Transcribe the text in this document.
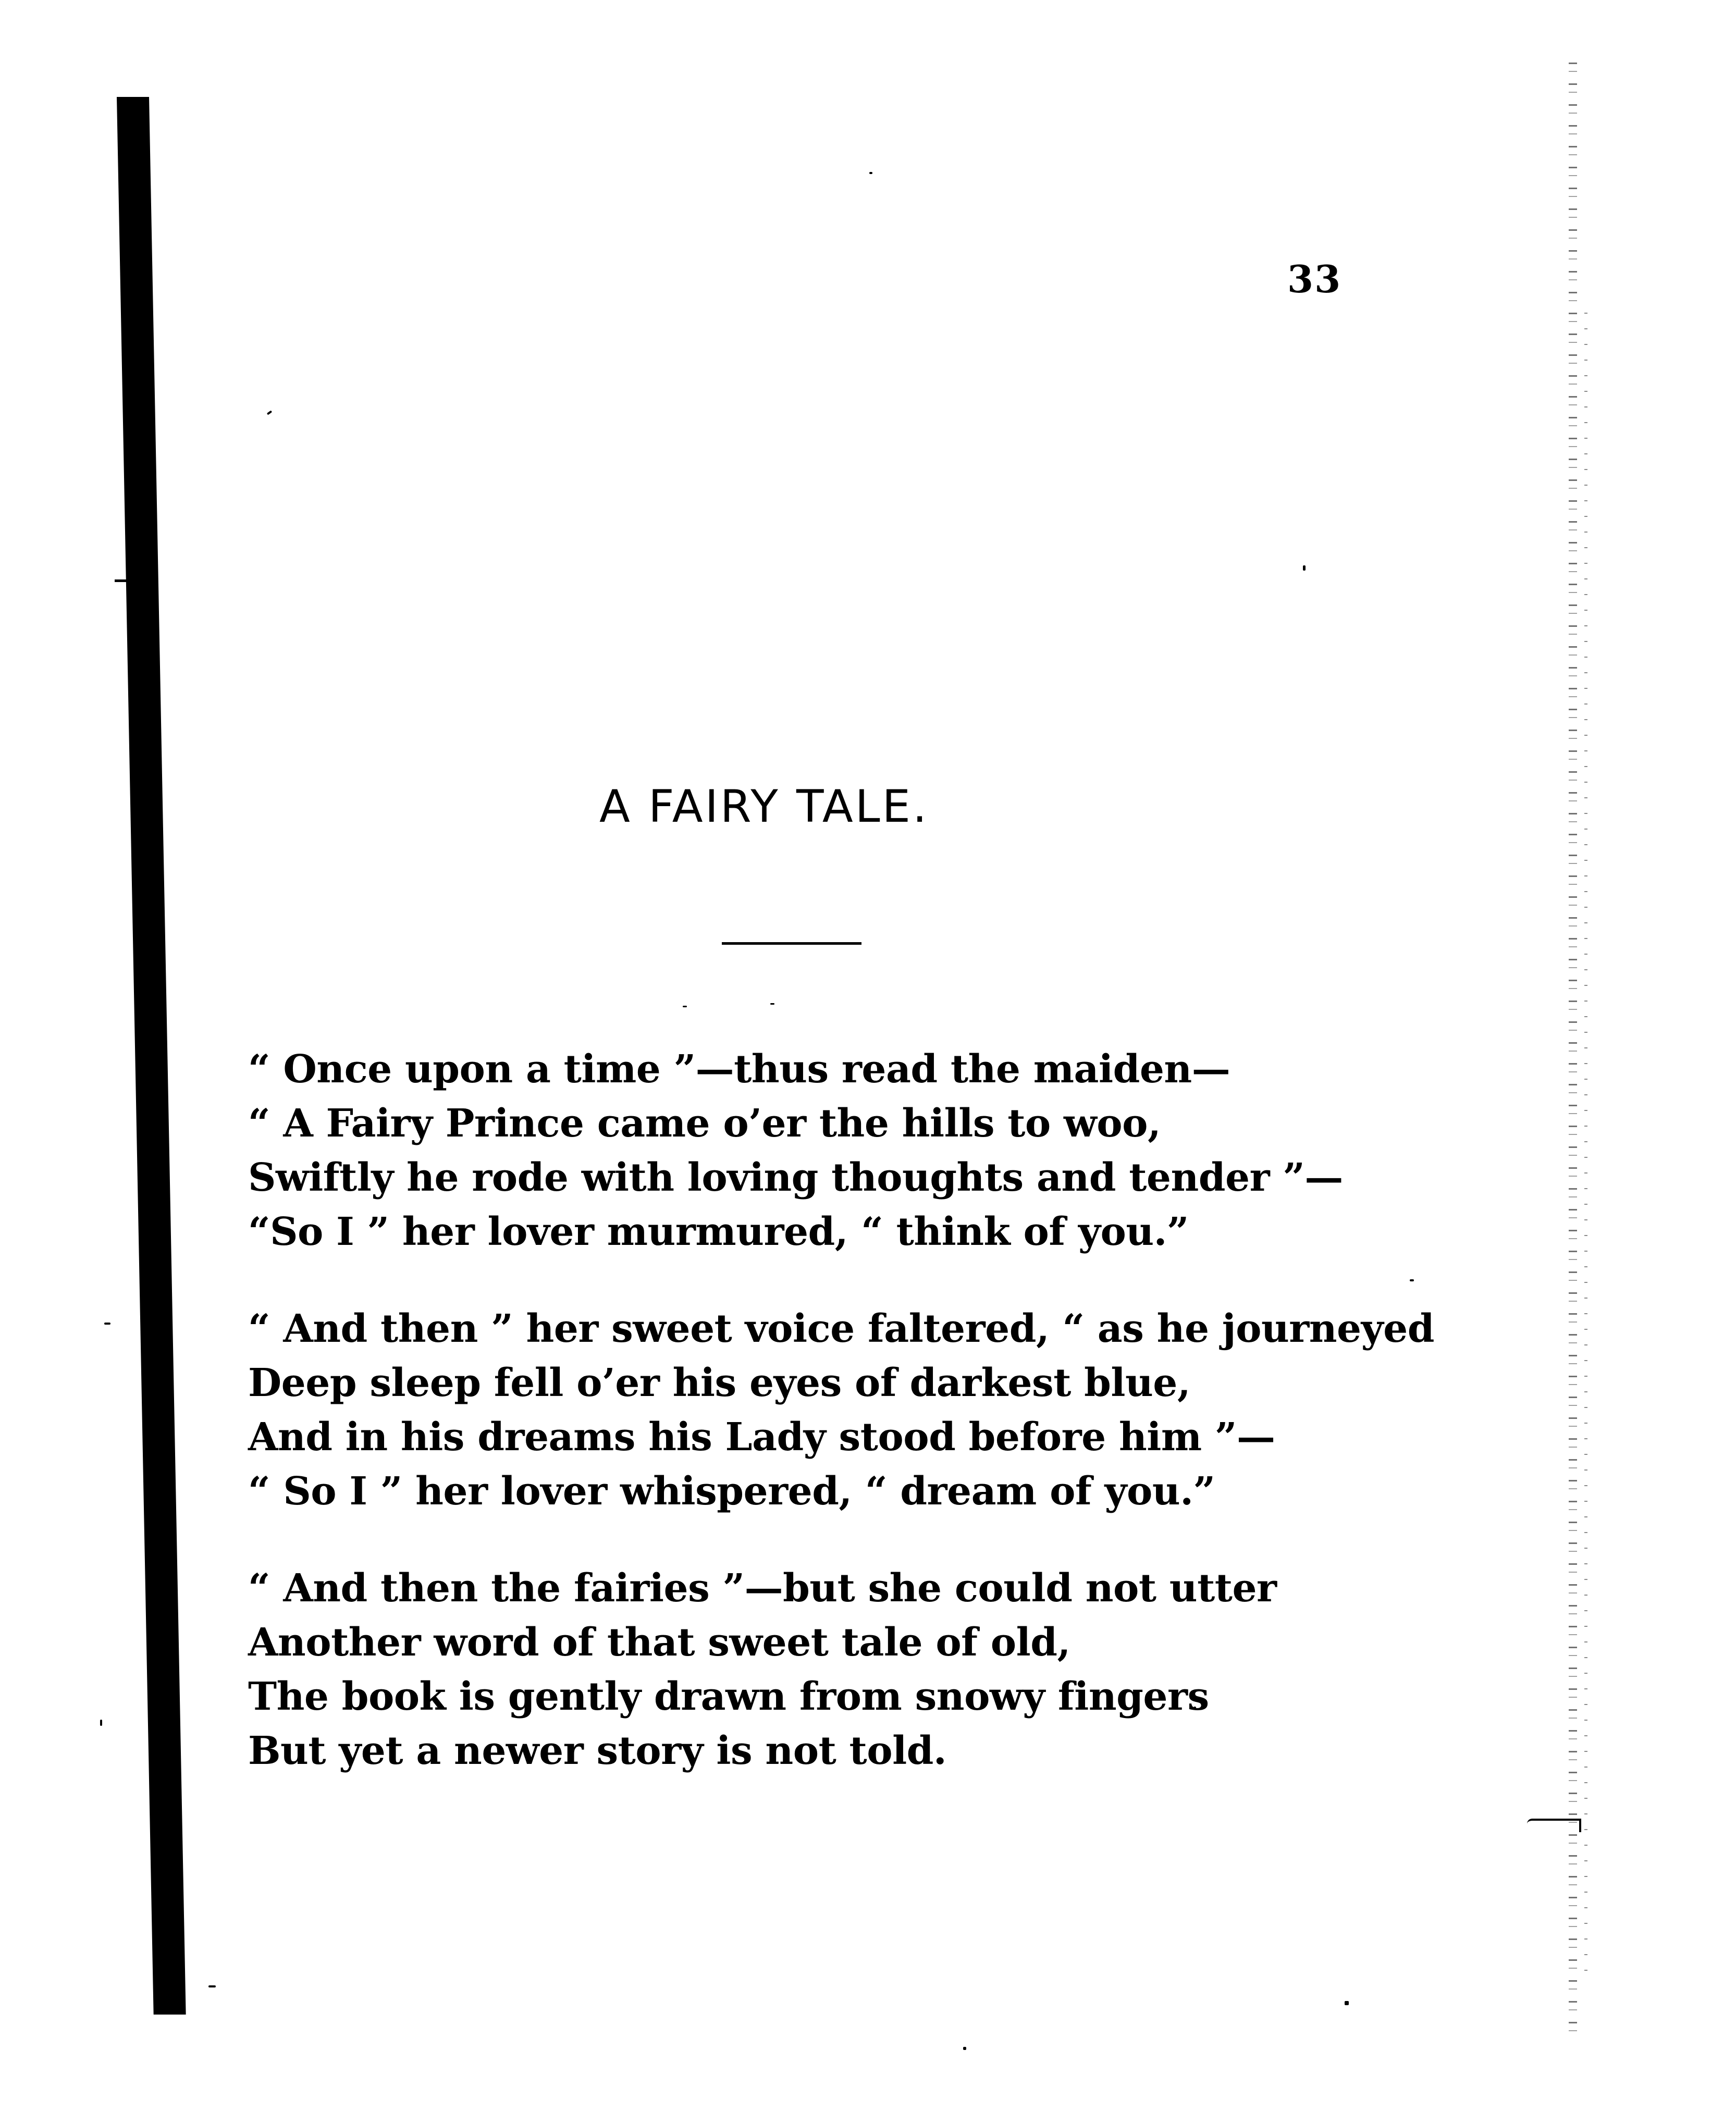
33
A FAIRY TALE.
“ Once upon a time ”—thus read the maiden—
“ A Fairy Prince came o’er the hills to woo,
Swiftly he rode with loving thoughts and tender ”—
“So I ” her lover murmured, “ think of you.”
“ And then ” her sweet voice faltered, “ as he journeyed
Deep sleep fell o’er his eyes of darkest blue,
And in his dreams his Lady stood before him ”—
“ So I ” her lover whispered, “ dream of you.”
“ And then the fairies ”—but she could not utter
Another word of that sweet tale of old,
The book is gently drawn from snowy fingers
But yet a newer story is not told.
